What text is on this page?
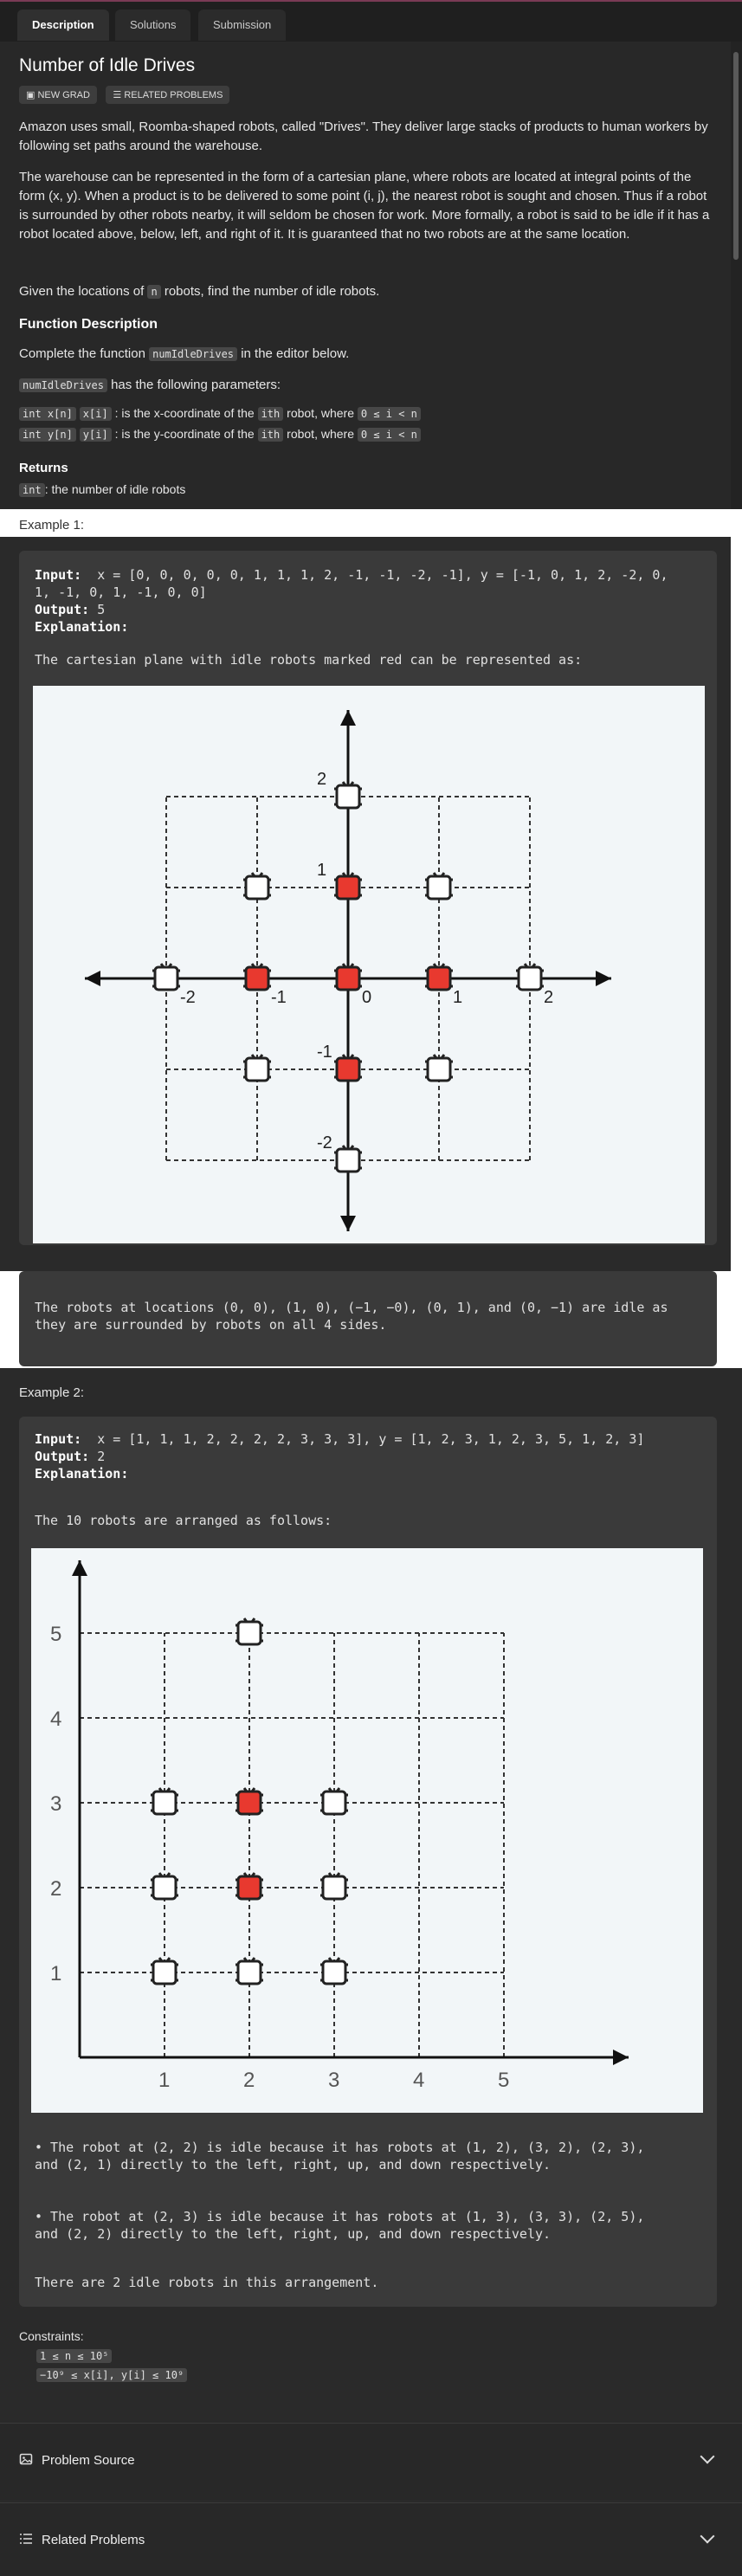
Description	Solutions	Submission
Number of Idle Drives
▣ NEW GRAD ☰ RELATED PROBLEMS

Amazon uses small, Roomba-shaped robots, called "Drives". They deliver large stacks of products to human workers by following set paths around the warehouse.

The warehouse can be represented in the form of a cartesian plane, where robots are located at integral points of the form (x, y). When a product is to be delivered to some point (i, j), the nearest robot is sought and chosen. Thus if a robot is surrounded by other robots nearby, it will seldom be chosen for work. More formally, a robot is said to be idle if it has a robot located above, below, left, and right of it. It is guaranteed that no two robots are at the same location.

Given the locations of n robots, find the number of idle robots.

Function Description

Complete the function numIdleDrives in the editor below.

numIdleDrives has the following parameters:

int x[n] x[i] : is the x-coordinate of the ith robot, where 0 ≤ i < n

int y[n] y[i] : is the y-coordinate of the ith robot, where 0 ≤ i < n

Returns

int : the number of idle robots

Example 1:
Input: x = [0, 0, 0, 0, 0, 1, 1, 1, 2, -1, -1, -2, -1], y = [-1, 0, 1, 2, -2, 0,
1, -1, 0, 1, -1, 0, 0]
Output: 5
Explanation:
The cartesian plane with idle robots marked red can be represented as:
-2	-1	0	1	2
2
1
-1
-2
The robots at locations (0, 0), (1, 0), (−1, −0), (0, 1), and (0, −1) are idle as
they are surrounded by robots on all 4 sides.
Example 2:
Input: x = [1, 1, 1, 2, 2, 2, 2, 3, 3, 3], y = [1, 2, 3, 1, 2, 3, 5, 1, 2, 3]
Output: 2
Explanation:
The 10 robots are arranged as follows:
1	2	3	4	5
5
4
3
2
1
• The robot at (2, 2) is idle because it has robots at (1, 2), (3, 2), (2, 3),
and (2, 1) directly to the left, right, up, and down respectively.
• The robot at (2, 3) is idle because it has robots at (1, 3), (3, 3), (2, 5),
and (2, 2) directly to the left, right, up, and down respectively.
There are 2 idle robots in this arrangement.
Constraints:
1 ≤ n ≤ 10⁵
−10⁹ ≤ x[i], y[i] ≤ 10⁹
Problem Source
Related Problems
